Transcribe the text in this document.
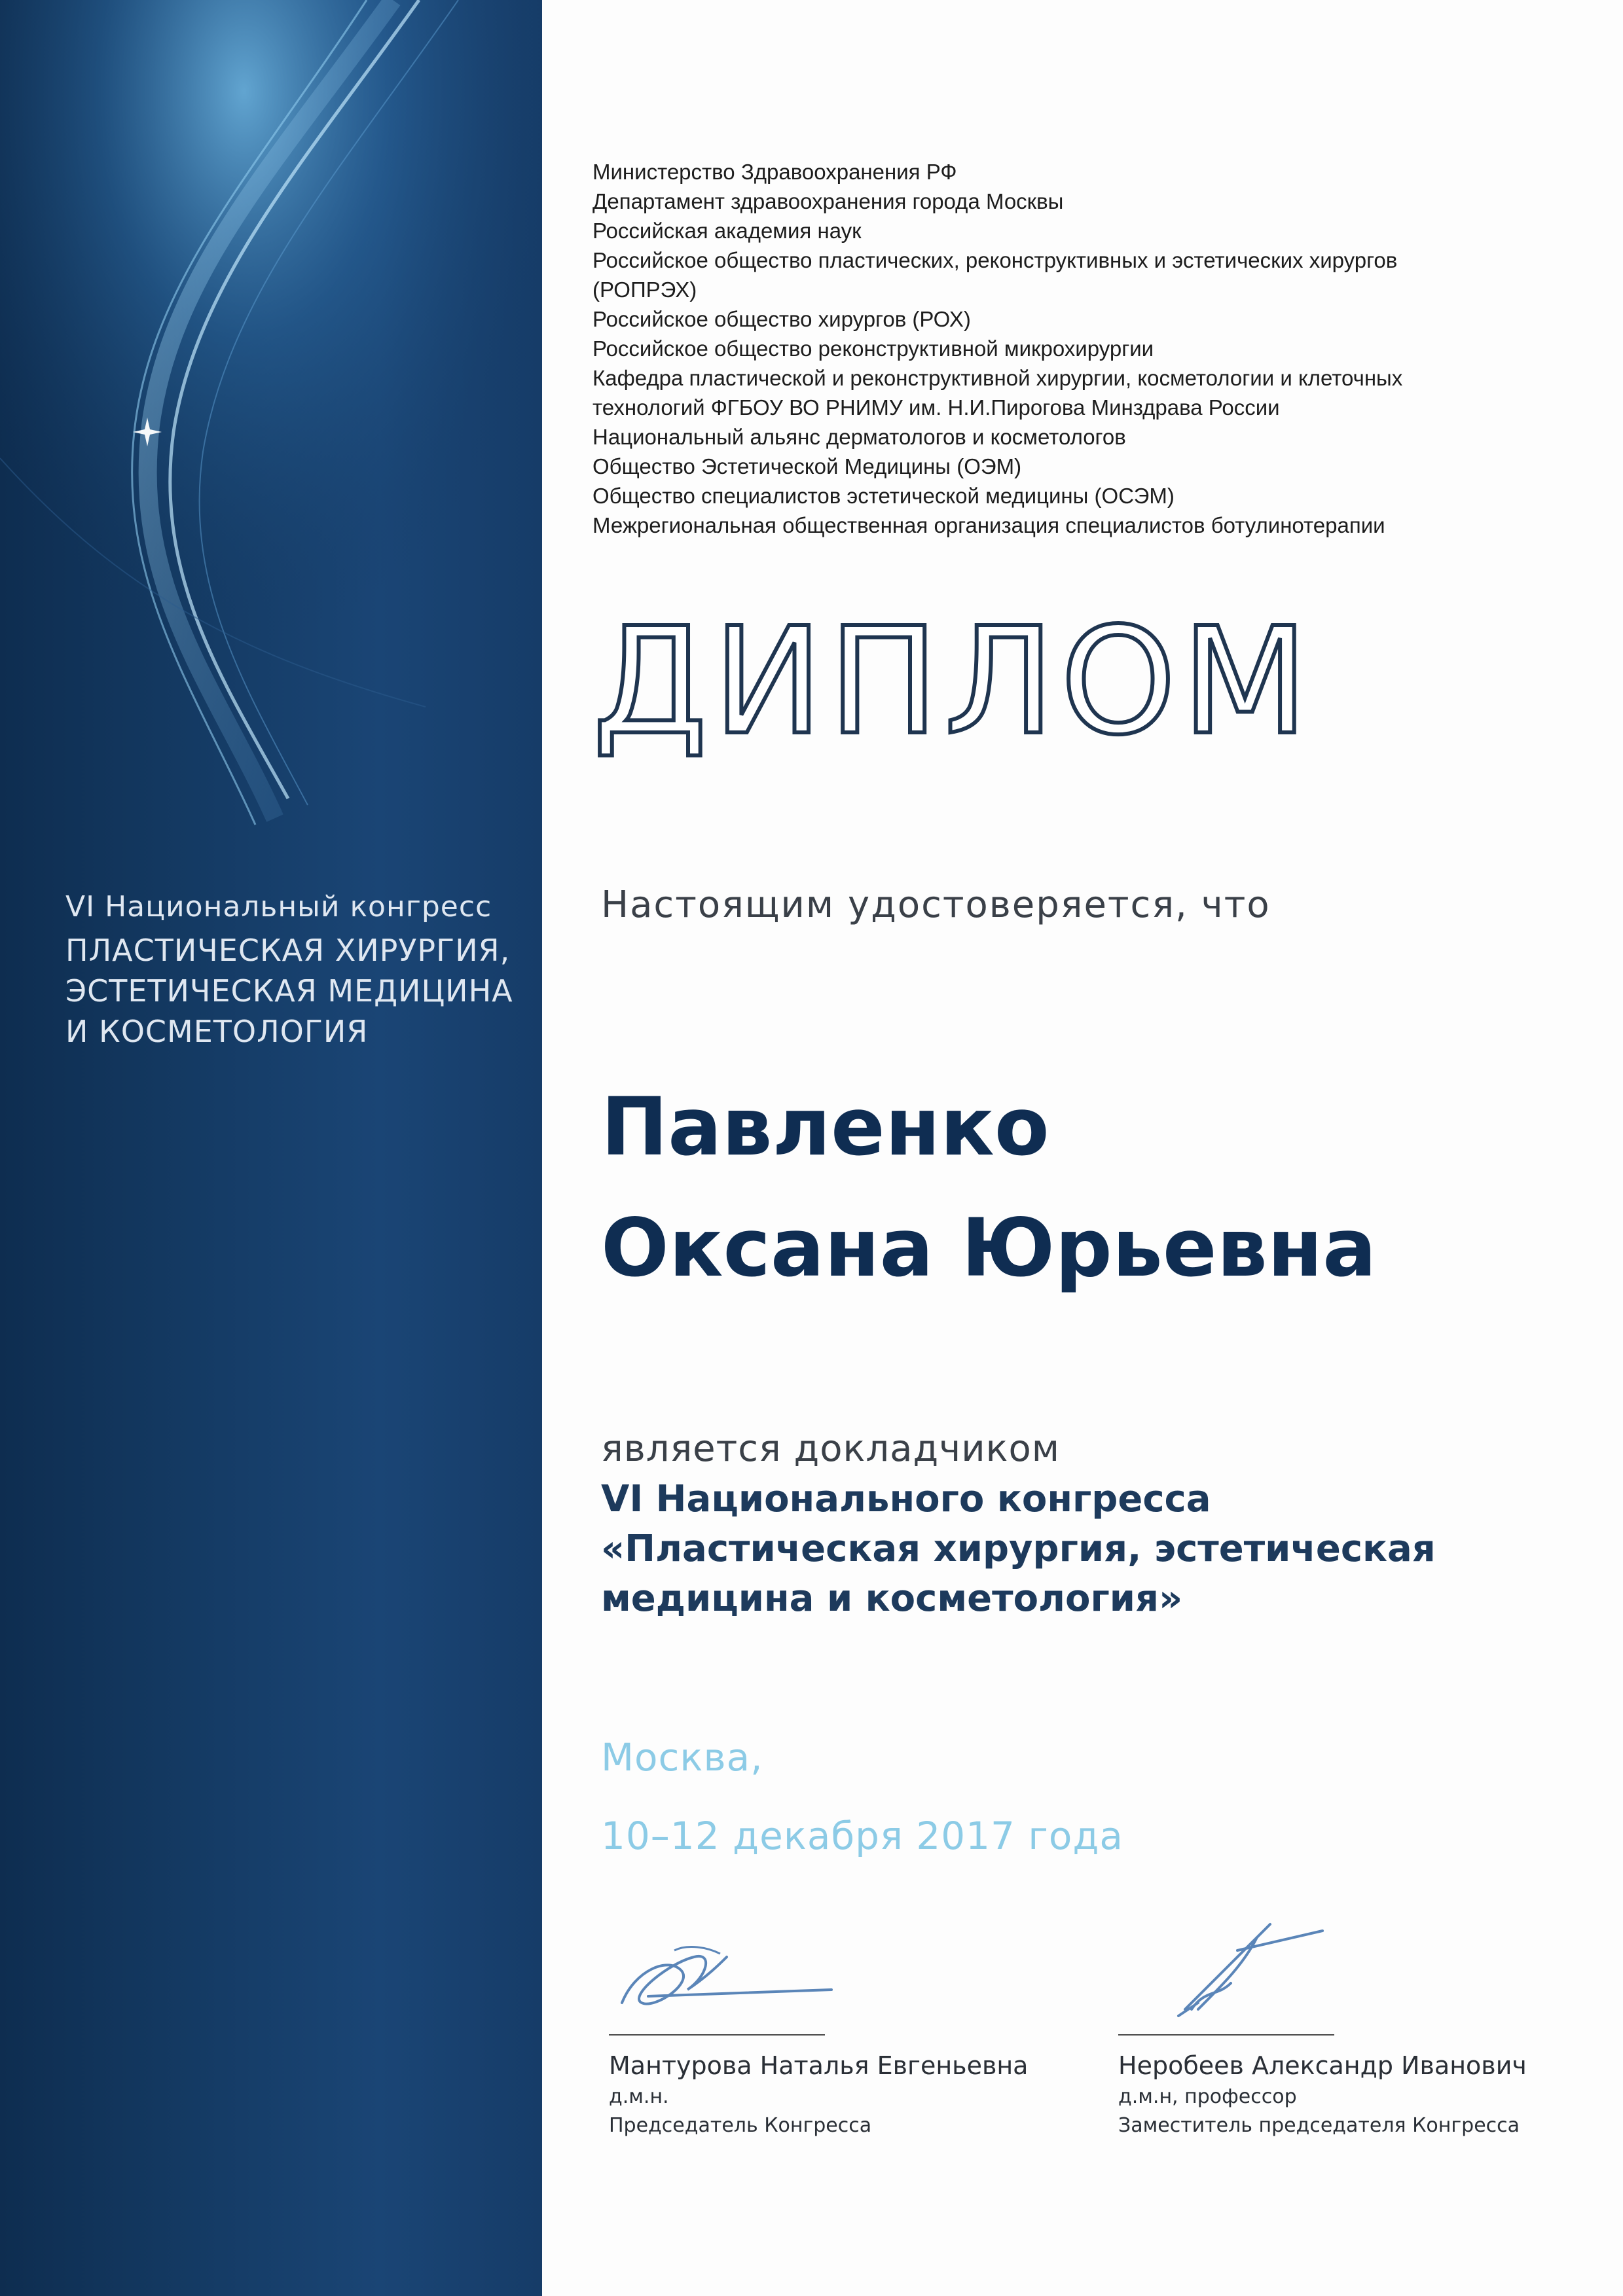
VI Национальный конгресс
ПЛАСТИЧЕСКАЯ ХИРУРГИЯ,
ЭСТЕТИЧЕСКАЯ МЕДИЦИНА
И КОСМЕТОЛОГИЯ
Министерство Здравоохранения РФ
Департамент здравоохранения города Москвы
Российская академия наук
Российское общество пластических, реконструктивных и эстетических хирургов
(РОПРЭХ)
Российское общество хирургов (РОХ)
Российское общество реконструктивной микрохирургии
Кафедра пластической и реконструктивной хирургии, косметологии и клеточных
технологий ФГБОУ ВО РНИМУ им. Н.И.Пирогова Минздрава России
Национальный альянс дерматологов и косметологов
Общество Эстетической Медицины (ОЭМ)
Общество специалистов эстетической медицины (ОСЭМ)
Межрегиональная общественная организация специалистов ботулинотерапии
ДИПЛОМ
Настоящим удостоверяется, что
Павленко
Оксана Юрьевна
является докладчиком
VI Национального конгресса
«Пластическая хирургия, эстетическая
медицина и косметология»
Москва,
10–12 декабря 2017 года
Мантурова Наталья Евгеньевна
д.м.н.
Председатель Конгресса
Неробеев Александр Иванович
д.м.н, профессор
Заместитель председателя Конгресса
